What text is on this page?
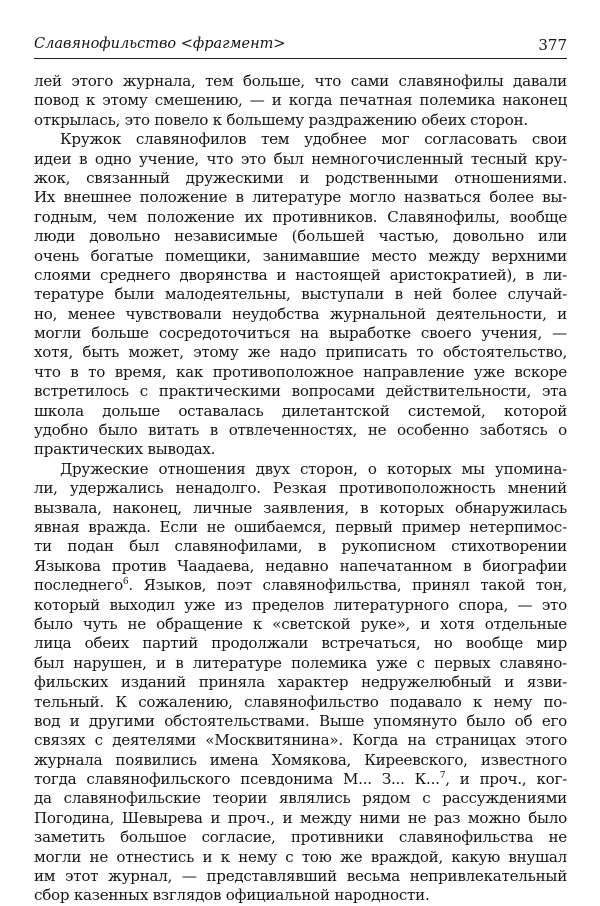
Славянофильство <фрагмент>	377
лей этого журнала, тем больше, что сами славянофилы давали
повод к этому смешению, — и когда печатная полемика наконец
открылась, это повело к большему раздражению обеих сторон.
Кружок славянофилов тем удобнее мог согласовать свои
идеи в одно учение, что это был немногочисленный тесный кру-
жок, связанный дружескими и родственными отношениями.
Их внешнее положение в литературе могло назваться более вы-
годным, чем положение их противников. Славянофилы, вообще
люди довольно независимые (большей частью, довольно или
очень богатые помещики, занимавшие место между верхними
слоями среднего дворянства и настоящей аристократией), в ли-
тературе были малодеятельны, выступали в ней более случай-
но, менее чувствовали неудобства журнальной деятельности, и
могли больше сосредоточиться на выработке своего учения, —
хотя, быть может, этому же надо приписать то обстоятельство,
что в то время, как противоположное направление уже вскоре
встретилось с практическими вопросами действительности, эта
школа дольше оставалась дилетантской системой, которой
удобно было витать в отвлеченностях, не особенно заботясь о
практических выводах.
Дружеские отношения двух сторон, о которых мы упомина-
ли, удержались ненадолго. Резкая противоположность мнений
вызвала, наконец, личные заявления, в которых обнаружилась
явная вражда. Если не ошибаемся, первый пример нетерпимос-
ти подан был славянофилами, в рукописном стихотворении
Языкова против Чаадаева, недавно напечатанном в биографии
последнего$^6$. Языков, поэт славянофильства, принял такой тон,
который выходил уже из пределов литературного спора, — это
было чуть не обращение к «светской руке», и хотя отдельные
лица обеих партий продолжали встречаться, но вообще мир
был нарушен, и в литературе полемика уже с первых славяно-
фильских изданий приняла характер недружелюбный и язви-
тельный. К сожалению, славянофильство подавало к нему по-
вод и другими обстоятельствами. Выше упомянуто было об его
связях с деятелями «Москвитянина». Когда на страницах этого
журнала появились имена Хомякова, Киреевского, известного
тогда славянофильского псевдонима М... З... К...$^7$, и проч., ког-
да славянофильские теории являлись рядом с рассуждениями
Погодина, Шевырева и проч., и между ними не раз можно было
заметить большое согласие, противники славянофильства не
могли не отнестись и к нему с тою же враждой, какую внушал
им этот журнал, — представлявший весьма непривлекательный
сбор казенных взглядов официальной народности.
